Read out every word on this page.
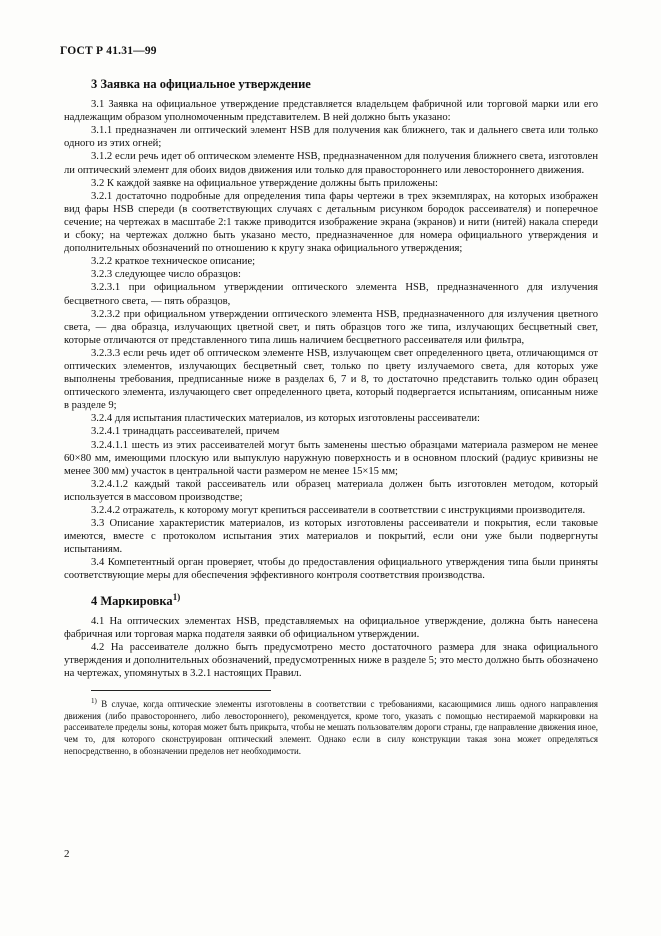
ГОСТ Р 41.31—99
3 Заявка на официальное утверждение

3.1 Заявка на официальное утверждение представляется владельцем фабричной или торговой марки или его надлежащим образом уполномоченным представителем. В ней должно быть указано:

3.1.1 предназначен ли оптический элемент HSB для получения как ближнего, так и дальнего света или только одного из этих огней;

3.1.2 если речь идет об оптическом элементе HSB, предназначенном для получения ближнего света, изготовлен ли оптический элемент для обоих видов движения или только для правостороннего или левостороннего движения.

3.2 К каждой заявке на официальное утверждение должны быть приложены:

3.2.1 достаточно подробные для определения типа фары чертежи в трех экземплярах, на которых изображен вид фары HSB спереди (в соответствующих случаях с детальным рисунком бородок рассеивателя) и поперечное сечение; на чертежах в масштабе 2:1 также приводится изображение экрана (экранов) и нити (нитей) накала спереди и сбоку; на чертежах должно быть указано место, предназначенное для номера официального утверждения и дополнительных обозначений по отношению к кругу знака официального утверждения;

3.2.2 краткое техническое описание;

3.2.3 следующее число образцов:

3.2.3.1 при официальном утверждении оптического элемента HSB, предназначенного для излучения бесцветного света, — пять образцов,

3.2.3.2 при официальном утверждении оптического элемента HSB, предназначенного для излучения цветного света, — два образца, излучающих цветной свет, и пять образцов того же типа, излучающих бесцветный свет, которые отличаются от представленного типа лишь наличием бесцветного рассеивателя или фильтра,

3.2.3.3 если речь идет об оптическом элементе HSB, излучающем свет определенного цвета, отличающимся от оптических элементов, излучающих бесцветный свет, только по цвету излучаемого света, для которых уже выполнены требования, предписанные ниже в разделах 6, 7 и 8, то достаточно представить только один образец оптического элемента, излучающего свет определенного цвета, который подвергается испытаниям, описанным ниже в разделе 9;

3.2.4 для испытания пластических материалов, из которых изготовлены рассеиватели:

3.2.4.1 тринадцать рассеивателей, причем

3.2.4.1.1 шесть из этих рассеивателей могут быть заменены шестью образцами материала размером не менее 60×80 мм, имеющими плоскую или выпуклую наружную поверхность и в основном плоский (радиус кривизны не менее 300 мм) участок в центральной части размером не менее 15×15 мм;

3.2.4.1.2 каждый такой рассеиватель или образец материала должен быть изготовлен методом, который используется в массовом производстве;

3.2.4.2 отражатель, к которому могут крепиться рассеиватели в соответствии с инструкциями производителя.

3.3 Описание характеристик материалов, из которых изготовлены рассеиватели и покрытия, если таковые имеются, вместе с протоколом испытания этих материалов и покрытий, если они уже были подвергнуты испытаниям.

3.4 Компетентный орган проверяет, чтобы до предоставления официального утверждения типа были приняты соответствующие меры для обеспечения эффективного контроля соответствия производства.

4 Маркировка$^{1)}$

4.1 На оптических элементах HSB, представляемых на официальное утверждение, должна быть нанесена фабричная или торговая марка подателя заявки об официальном утверждении.

4.2 На рассеивателе должно быть предусмотрено место достаточного размера для знака официального утверждения и дополнительных обозначений, предусмотренных ниже в разделе 5; это место должно быть обозначено на чертежах, упомянутых в 3.2.1 настоящих Правил.

$^{1)}$ В случае, когда оптические элементы изготовлены в соответствии с требованиями, касающимися лишь одного направления движения (либо правостороннего, либо левостороннего), рекомендуется, кроме того, указать с помощью нестираемой маркировки на рассеивателе пределы зоны, которая может быть прикрыта, чтобы не мешать пользователям дороги страны, где направление движения иное, чем то, для которого сконструирован оптический элемент. Однако если в силу конструкции такая зона может определяться непосредственно, в обозначении пределов нет необходимости.

2
